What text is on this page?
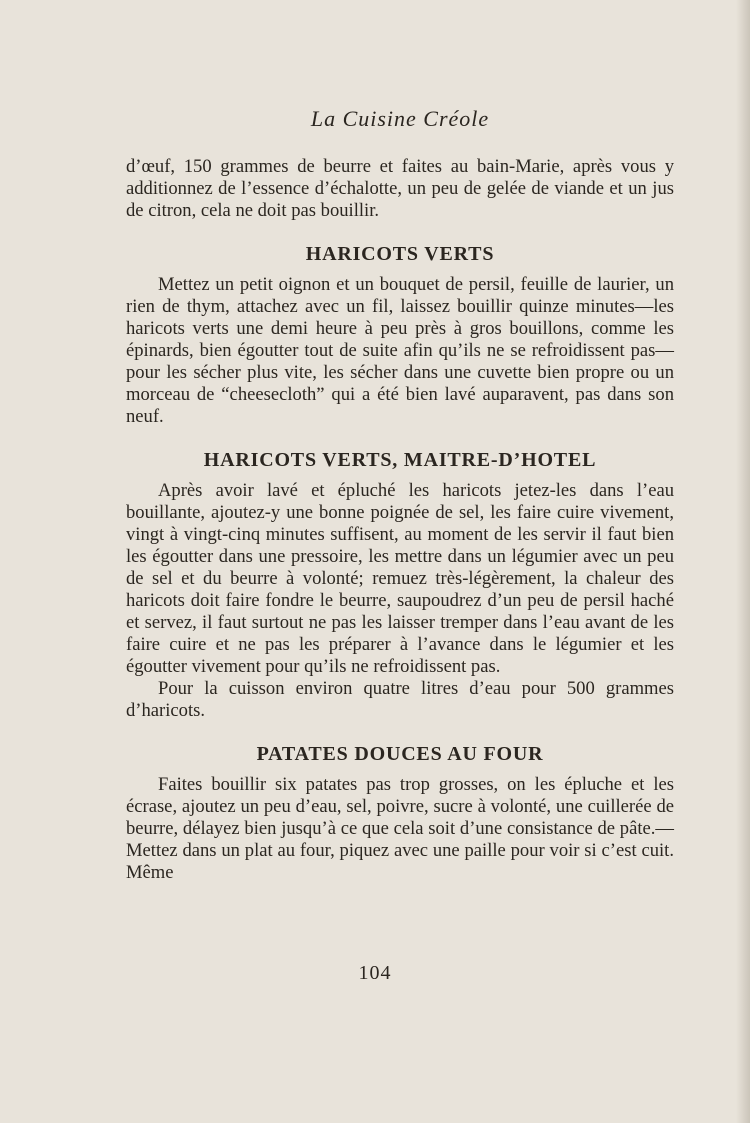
La Cuisine Créole

d’œuf, 150 grammes de beurre et faites au bain-Marie, après vous y additionnez de l’essence d’échalotte, un peu de gelée de viande et un jus de citron, cela ne doit pas bouillir.

HARICOTS VERTS

Mettez un petit oignon et un bouquet de persil, feuille de laurier, un rien de thym, attachez avec un fil, laissez bouillir quinze minutes—les haricots verts une demi heure à peu près à gros bouillons, comme les épinards, bien égoutter tout de suite afin qu’ils ne se refroidissent pas—pour les sécher plus vite, les sécher dans une cuvette bien propre ou un morceau de “cheesecloth” qui a été bien lavé auparavent, pas dans son neuf.

HARICOTS VERTS, MAITRE-D’HOTEL

Après avoir lavé et épluché les haricots jetez-les dans l’eau bouillante, ajoutez-y une bonne poignée de sel, les faire cuire vivement, vingt à vingt-cinq minutes suffisent, au moment de les servir il faut bien les égoutter dans une pressoire, les mettre dans un légumier avec un peu de sel et du beurre à volonté; remuez très-légèrement, la chaleur des haricots doit faire fondre le beurre, saupoudrez d’un peu de persil haché et servez, il faut surtout ne pas les laisser tremper dans l’eau avant de les faire cuire et ne pas les préparer à l’avance dans le légumier et les égoutter vivement pour qu’ils ne refroidissent pas.

Pour la cuisson environ quatre litres d’eau pour 500 grammes d’haricots.

PATATES DOUCES AU FOUR

Faites bouillir six patates pas trop grosses, on les épluche et les écrase, ajoutez un peu d’eau, sel, poivre, sucre à volonté, une cuillerée de beurre, délayez bien jusqu’à ce que cela soit d’une consistance de pâte.—Mettez dans un plat au four, piquez avec une paille pour voir si c’est cuit. Même

104
